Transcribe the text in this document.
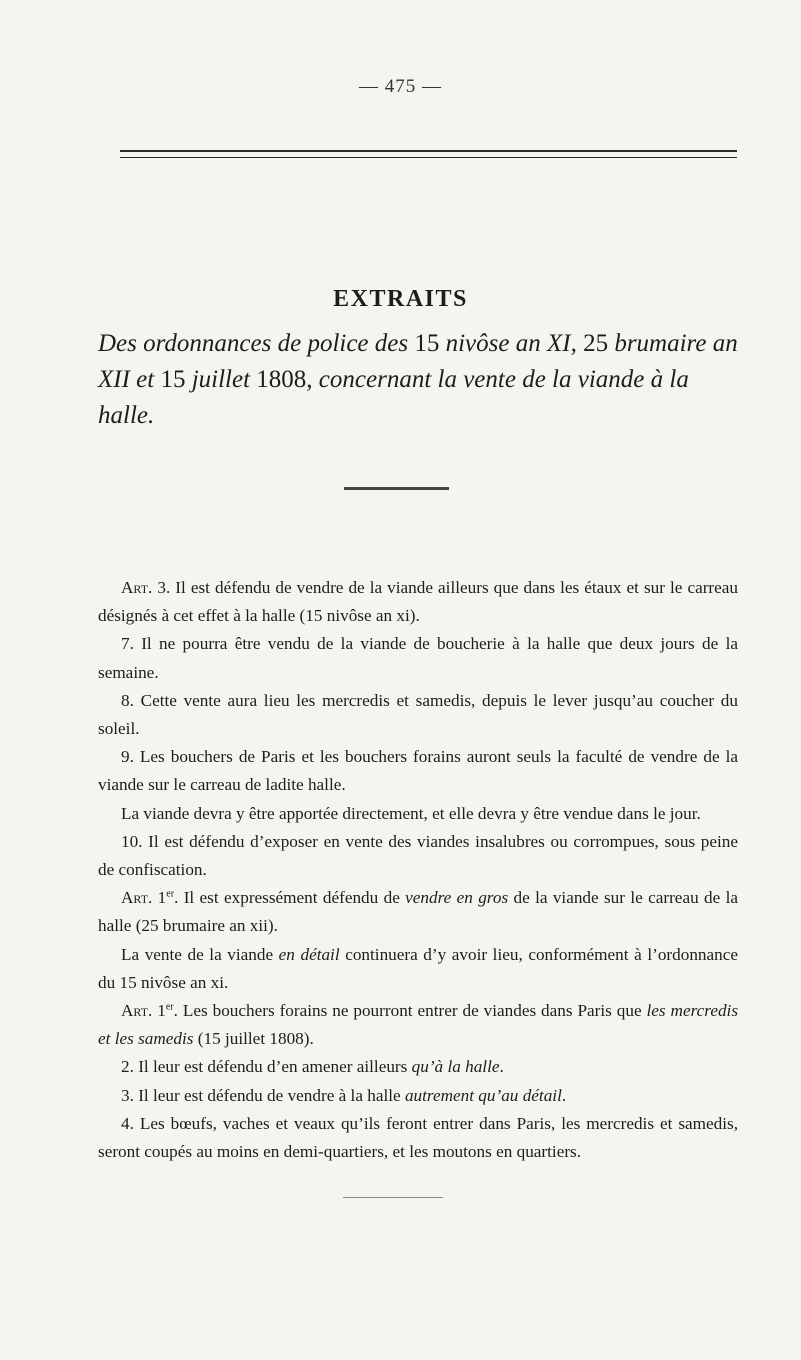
— 475 —
EXTRAITS

Des ordonnances de police des 15 nivôse an XI, 25 brumaire an XII et 15 juillet 1808, concernant la vente de la viande à la halle.

Art. 3. Il est défendu de vendre de la viande ailleurs que dans les étaux et sur le carreau désignés à cet effet à la halle (15 nivôse an xi).

7. Il ne pourra être vendu de la viande de boucherie à la halle que deux jours de la semaine.

8. Cette vente aura lieu les mercredis et samedis, depuis le lever jusqu’au coucher du soleil.

9. Les bouchers de Paris et les bouchers forains auront seuls la faculté de vendre de la viande sur le carreau de ladite halle.

La viande devra y être apportée directement, et elle devra y être vendue dans le jour.

10. Il est défendu d’exposer en vente des viandes insalubres ou corrompues, sous peine de confiscation.

Art. 1er. Il est expressément défendu de vendre en gros de la viande sur le carreau de la halle (25 brumaire an xii).

La vente de la viande en détail continuera d’y avoir lieu, conformément à l’ordonnance du 15 nivôse an xi.

Art. 1er. Les bouchers forains ne pourront entrer de viandes dans Paris que les mercredis et les samedis (15 juillet 1808).

2. Il leur est défendu d’en amener ailleurs qu’à la halle.

3. Il leur est défendu de vendre à la halle autrement qu’au détail.

4. Les bœufs, vaches et veaux qu’ils feront entrer dans Paris, les mercredis et samedis, seront coupés au moins en demi-quartiers, et les moutons en quartiers.
